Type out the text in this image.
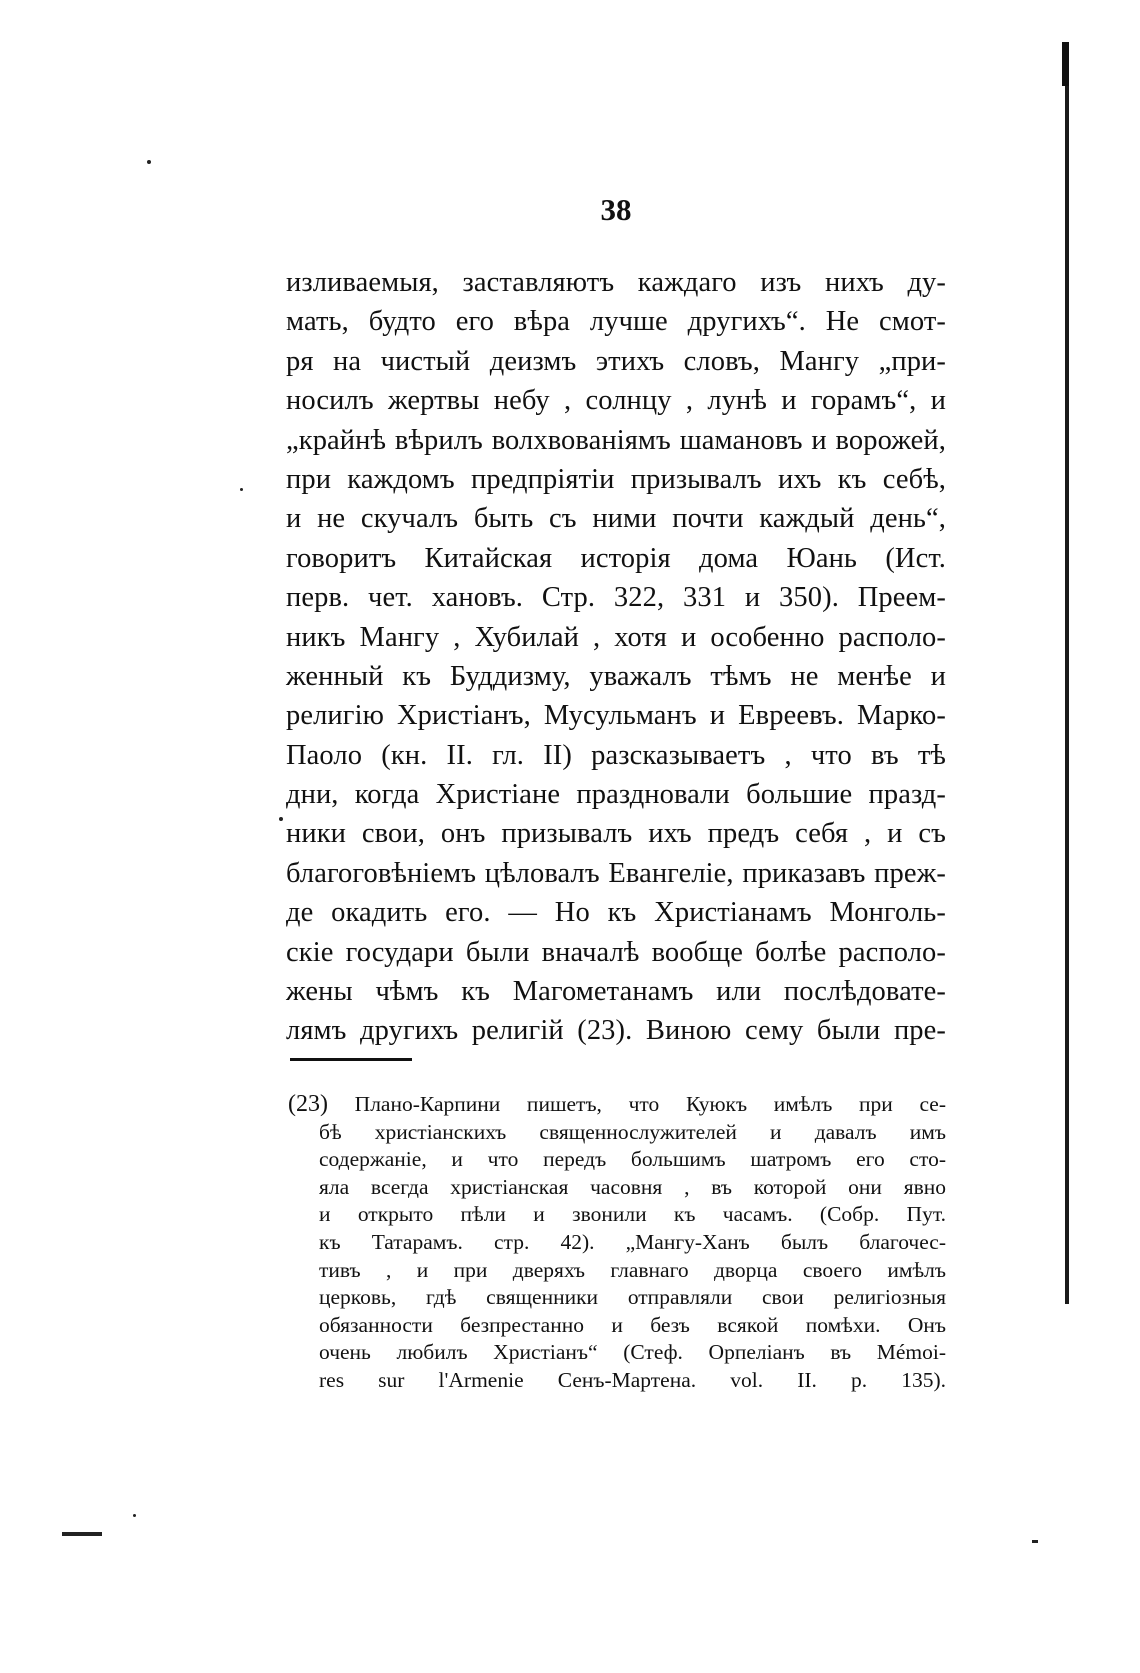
38
изливаемыя, заставляютъ каждаго изъ нихъ ду-
мать, будто его вѣра лучше другихъ“. Не смот-
ря на чистый деизмъ этихъ словъ, Мангу „при-
носилъ жертвы небу , солнцу , лунѣ и горамъ“, и
„крайнѣ вѣрилъ волхвованіямъ шамановъ и ворожей,
при каждомъ предпріятіи призывалъ ихъ къ себѣ,
и не скучалъ быть съ ними почти каждый день“,
говоритъ Китайская исторія дома Юань (Ист.
перв. чет. хановъ. Стр. 322, 331 и 350). Преем-
никъ Мангу , Хубилай , хотя и особенно располо-
женный къ Буддизму, уважалъ тѣмъ не менѣе и
религію Христіанъ, Мусульманъ и Евреевъ. Марко-
Паоло (кн. II. гл. II) разсказываетъ , что въ тѣ
дни, когда Христіане праздновали большие празд-
ники свои, онъ призывалъ ихъ предъ себя , и съ
благоговѣніемъ цѣловалъ Евангеліе, приказавъ преж-
де окадить его. — Но къ Христіанамъ Монголь-
скіе государи были вначалѣ вообще болѣе располо-
жены чѣмъ къ Магометанамъ или послѣдовате-
лямъ другихъ религій (23). Виною сему были пре-
(23) Плано-Карпини пишетъ, что Куюкъ имѣлъ при се-
бѣ христіанскихъ священнослужителей и давалъ имъ
содержаніе, и что передъ большимъ шатромъ его сто-
яла всегда христіанская часовня , въ которой они явно
и открыто пѣли и звонили къ часамъ. (Собр. Пут.
къ Татарамъ. стр. 42). „Мангу-Ханъ былъ благочес-
тивъ , и при дверяхъ главнаго дворца своего имѣлъ
церковь, гдѣ священники отправляли свои религіозныя
обязанности безпрестанно и безъ всякой помѣхи. Онъ
очень любилъ Христіанъ“ (Стеф. Орпеліанъ въ Mémoi-
res sur l'Armenie Сенъ-Мартена. vol. II. p. 135).
